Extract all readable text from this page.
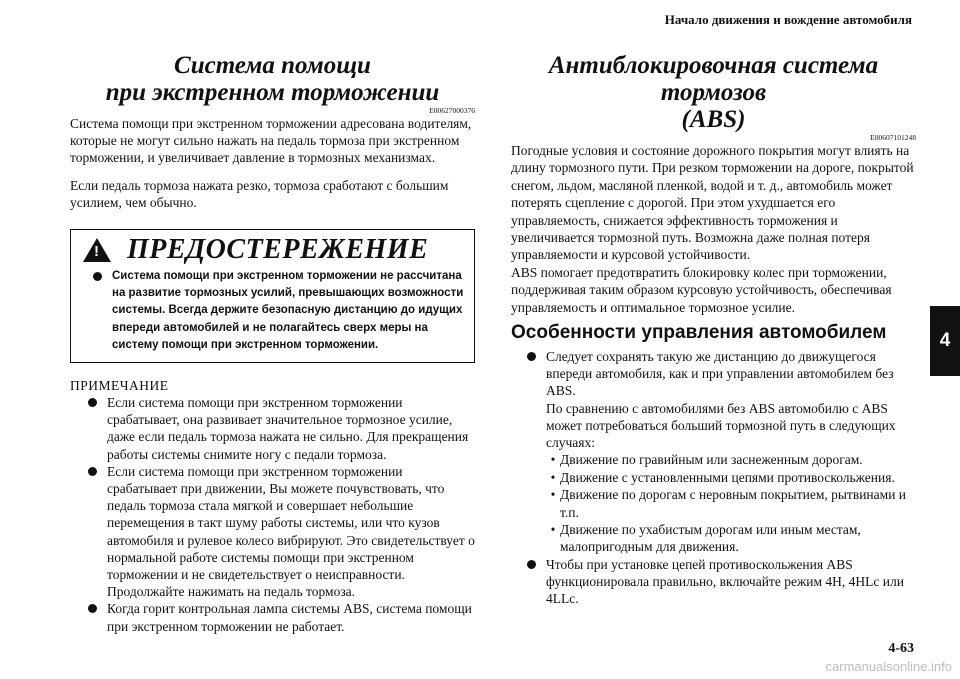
Начало движения и вождение автомобиля
Система помощи
при экстренном торможении

E00627000376

Система помощи при экстренном торможении адресована водителям, которые не могут сильно нажать на педаль тормоза при экстренном торможении, и увеличивает давление в тормозных механизмах.

Если педаль тормоза нажата резко, тормоза сработают с большим усилием, чем обычно.

! ПРЕДОСТЕРЕЖЕНИЕ
Система помощи при экстренном торможении не рассчитана на развитие тормозных усилий, превышающих возможности системы. Всегда держите безопасную дистанцию до идущих впереди автомобилей и не полагайтесь сверх меры на систему помощи при экстренном торможении.

ПРИМЕЧАНИЕ

Если система помощи при экстренном торможении срабатывает, она развивает значительное тормозное усилие, даже если педаль тормоза нажата не сильно. Для прекращения работы системы снимите ногу с педали тормоза.
Если система помощи при экстренном торможении срабатывает при движении, Вы можете почувствовать, что педаль тормоза стала мягкой и совершает небольшие перемещения в такт шуму работы системы, или что кузов автомобиля и рулевое колесо вибрируют. Это свидетельствует о нормальной работе системы помощи при экстренном торможении и не свидетельствует о неисправности. Продолжайте нажимать на педаль тормоза.
Когда горит контрольная лампа системы ABS, система помощи при экстренном торможении не работает.
Антиблокировочная система тормозов
(ABS)

E00607101248

Погодные условия и состояние дорожного покрытия могут влиять на длину тормозного пути. При резком торможении на дороге, покрытой снегом, льдом, масляной пленкой, водой и т. д., автомобиль может потерять сцепление с дорогой. При этом ухудшается его управляемость, снижается эффективность торможения и увеличивается тормозной путь. Возможна даже полная потеря управляемости и курсовой устойчивости.

ABS помогает предотвратить блокировку колес при торможении, поддерживая таким образом курсовую устойчивость, обеспечивая управляемость и оптимальное тормозное усилие.

Особенности управления автомобилем
Следует сохранять такую же дистанцию до движущегося впереди автомобиля, как и при управлении автомобилем без ABS.
По сравнению с автомобилями без ABS автомобилю с ABS может потребоваться больший тормозной путь в следующих случаях:
• Движение по гравийным или заснеженным дорогам.
• Движение с установленными цепями противоскольжения.
• Движение по дорогам с неровным покрытием, рытвинами и т.п.
• Движение по ухабистым дорогам или иным местам, малопригодным для движения.
Чтобы при установке цепей противоскольжения ABS функционировала правильно, включайте режим 4H, 4HLc или 4LLc.
4
4-63
carmanualsonline.info
